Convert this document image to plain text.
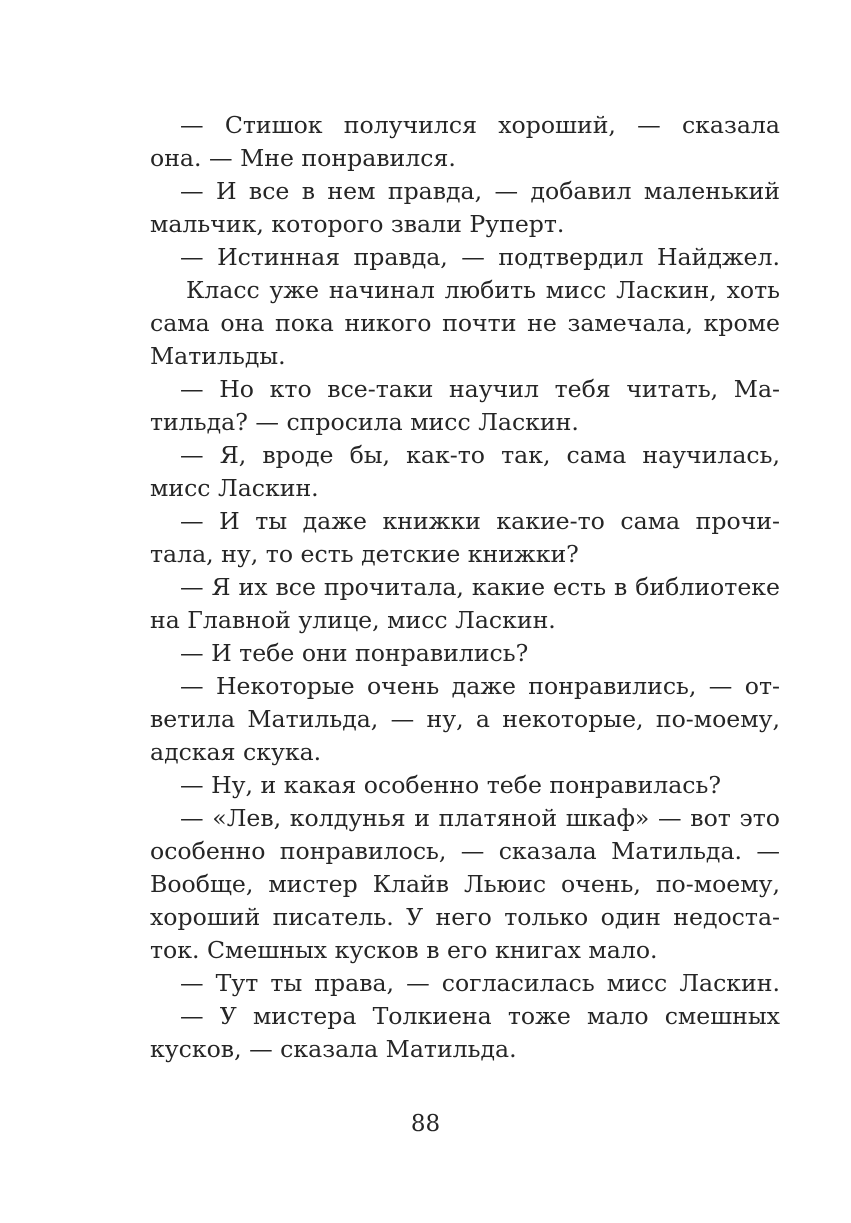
— Стишок получился хороший, — сказала
она. — Мне понравился.
— И все в нем правда, — добавил маленький
мальчик, которого звали Руперт.
— Истинная правда, — подтвердил Найджел.
Класс уже начинал любить мисс Ласкин, хоть
сама она пока никого почти не замечала, кроме
Матильды.
— Но кто все-таки научил тебя читать, Ма-
тильда? — спросила мисс Ласкин.
— Я, вроде бы, как-то так, сама научилась,
мисс Ласкин.
— И ты даже книжки какие-то сама прочи-
тала, ну, то есть детские книжки?
— Я их все прочитала, какие есть в библиотеке
на Главной улице, мисс Ласкин.
— И тебе они понравились?
— Некоторые очень даже понравились, — от-
ветила Матильда, — ну, а некоторые, по-моему,
адская скука.
— Ну, и какая особенно тебе понравилась?
— «Лев, колдунья и платяной шкаф» — вот это
особенно понравилось, — сказала Матильда. —
Вообще, мистер Клайв Льюис очень, по-моему,
хороший писатель. У него только один недоста-
ток. Смешных кусков в его книгах мало.
— Тут ты права, — согласилась мисс Ласкин.
— У мистера Толкиена тоже мало смешных
кусков, — сказала Матильда.
88
